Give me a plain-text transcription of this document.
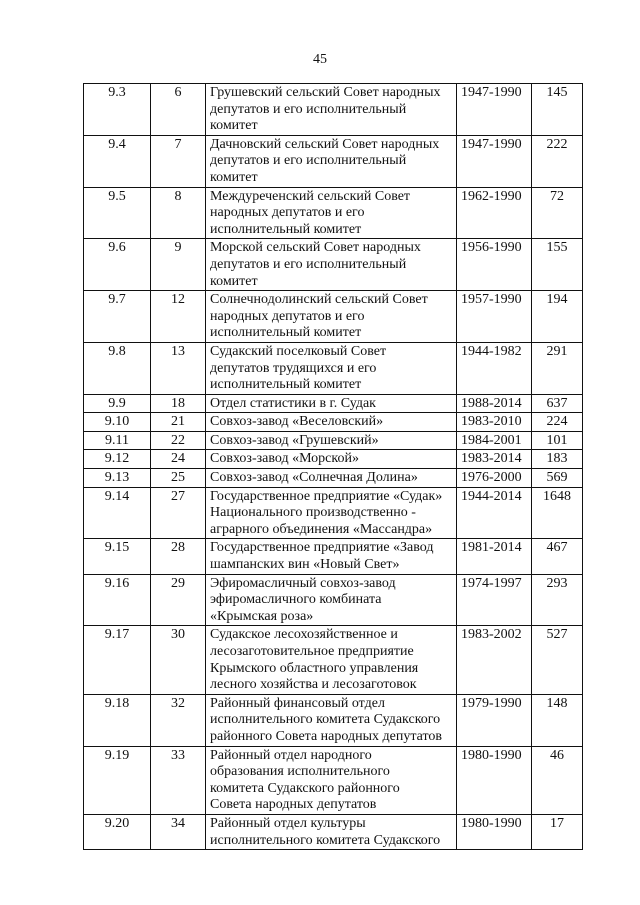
45
9.3	6	Грушевский сельский Совет народных
депутатов и его исполнительный
комитет	1947-1990	145
9.4	7	Дачновский сельский Совет народных
депутатов и его исполнительный
комитет	1947-1990	222
9.5	8	Междуреченский сельский Совет
народных депутатов и его
исполнительный комитет	1962-1990	72
9.6	9	Морской сельский Совет народных
депутатов и его исполнительный
комитет	1956-1990	155
9.7	12	Солнечнодолинский сельский Совет
народных депутатов и его
исполнительный комитет	1957-1990	194
9.8	13	Судакский поселковый Совет
депутатов трудящихся и его
исполнительный комитет	1944-1982	291
9.9	18	Отдел статистики в г. Судак	1988-2014	637
9.10	21	Совхоз-завод «Веселовский»	1983-2010	224
9.11	22	Совхоз-завод «Грушевский»	1984-2001	101
9.12	24	Совхоз-завод «Морской»	1983-2014	183
9.13	25	Совхоз-завод «Солнечная Долина»	1976-2000	569
9.14	27	Государственное предприятие «Судак»
Национального производственно -
аграрного объединения «Массандра»	1944-2014	1648
9.15	28	Государственное предприятие «Завод
шампанских вин «Новый Свет»	1981-2014	467
9.16	29	Эфиромасличный совхоз-завод
эфиромасличного комбината
«Крымская роза»	1974-1997	293
9.17	30	Судакское лесохозяйственное и
лесозаготовительное предприятие
Крымского областного управления
лесного хозяйства и лесозаготовок	1983-2002	527
9.18	32	Районный финансовый отдел
исполнительного комитета Судакского
районного Совета народных депутатов	1979-1990	148
9.19	33	Районный отдел народного
образования исполнительного
комитета Судакского районного
Совета народных депутатов	1980-1990	46
9.20	34	Районный отдел культуры
исполнительного комитета Судакского	1980-1990	17
